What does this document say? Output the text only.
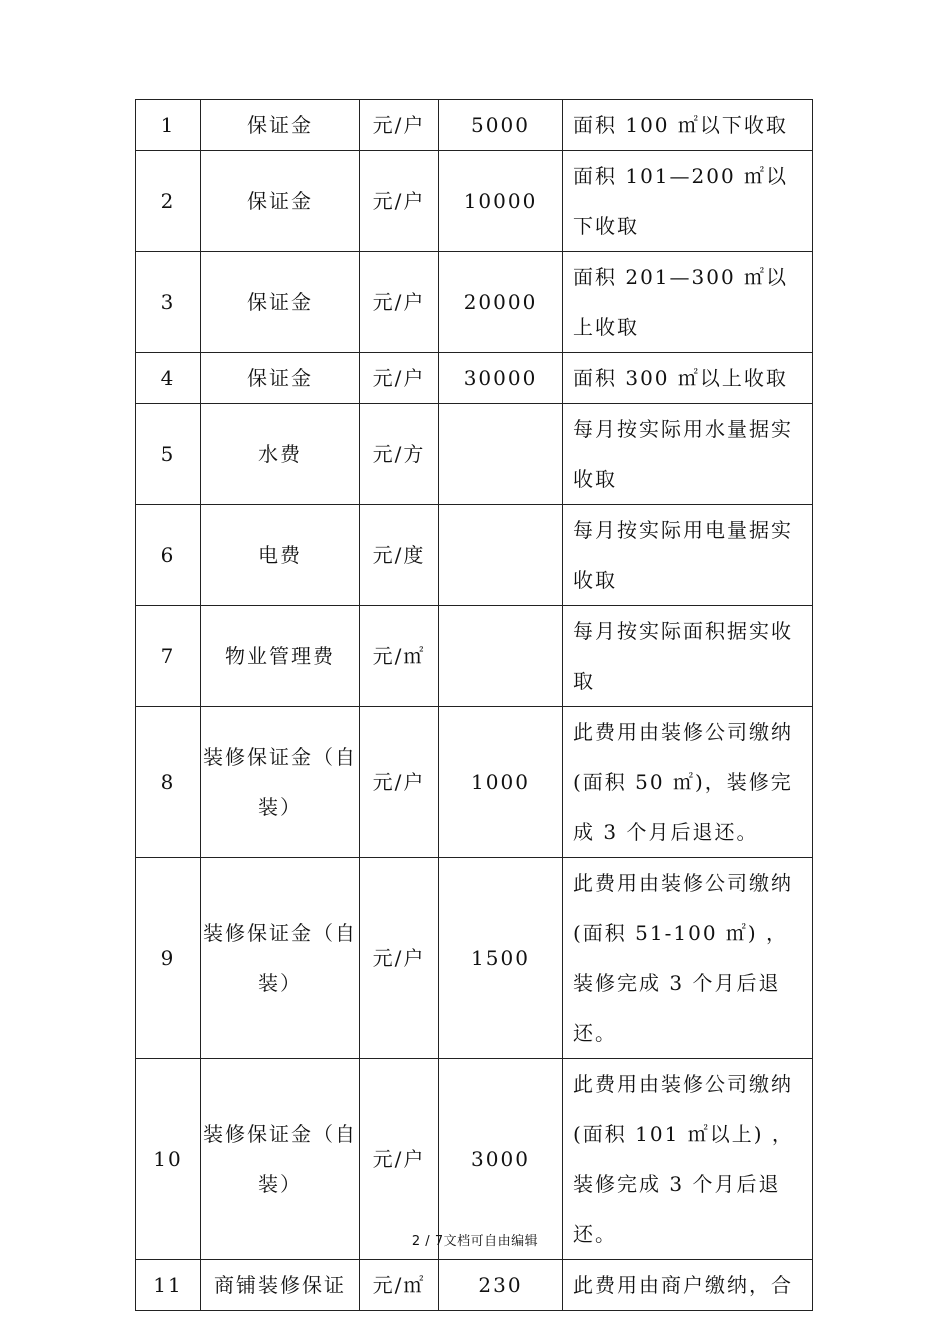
1	保证金	元/户	5000	面积 100 ㎡以下收取
2	保证金	元/户	10000	面积 101—200 ㎡以下收取
3	保证金	元/户	20000	面积 201—300 ㎡以上收取
4	保证金	元/户	30000	面积 300 ㎡以上收取
5	水费	元/方		每月按实际用水量据实收取
6	电费	元/度		每月按实际用电量据实收取
7	物业管理费	元/㎡		每月按实际面积据实收取
8	装修保证金（自装）	元/户	1000	此费用由装修公司缴纳(面积 50 ㎡)，装修完成 3 个月后退还。
9	装修保证金（自装）	元/户	1500	此费用由装修公司缴纳(面积 51-100 ㎡) ，装修完成 3 个月后退还。
10	装修保证金（自装）	元/户	3000	此费用由装修公司缴纳(面积 101 ㎡以上) ，装修完成 3 个月后退还。
11	商铺装修保证	元/㎡	230	此费用由商户缴纳，合
2 / 7文档可自由编辑
